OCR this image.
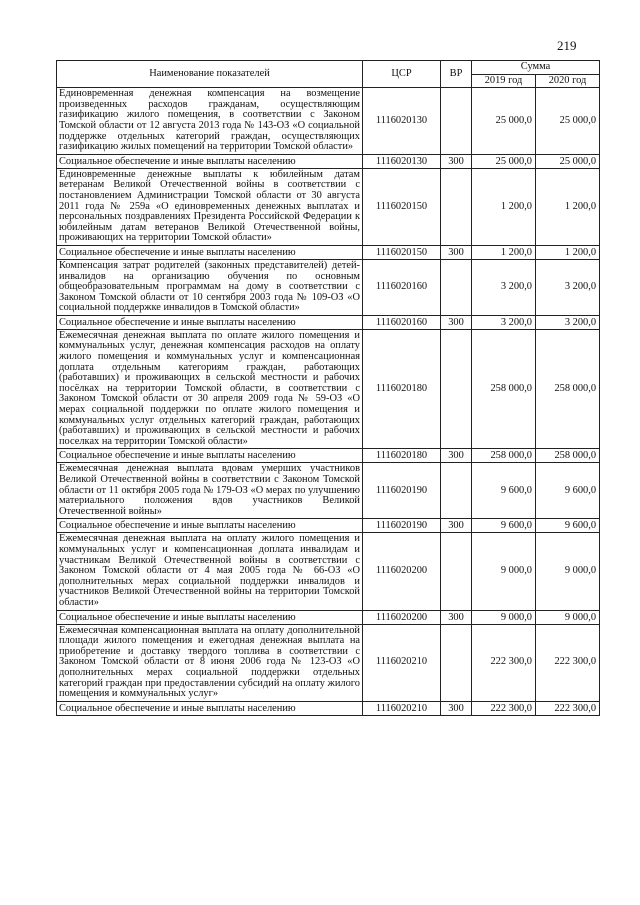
219
Наименование показателей	ЦСР	ВР	Сумма	
			2019 год	2020 год
Единовременная денежная компенсация на возмещение произведенных расходов гражданам, осуществляющим газификацию жилого помещения, в соответствии с Законом Томской области от 12 августа 2013 года № 143-ОЗ «О социальной поддержке отдельных категорий граждан, осуществляющих газификацию жилых помещений на территории Томской области»	1116020130		25 000,0	25 000,0
Социальное обеспечение и иные выплаты населению	1116020130	300	25 000,0	25 000,0
Единовременные денежные выплаты к юбилейным датам ветеранам Великой Отечественной войны в соответствии с постановлением Администрации Томской области от 30 августа 2011 года № 259а «О единовременных денежных выплатах и персональных поздравлениях Президента Российской Федерации к юбилейным датам ветеранов Великой Отечественной войны, проживающих на территории Томской области»	1116020150		1 200,0	1 200,0
Социальное обеспечение и иные выплаты населению	1116020150	300	1 200,0	1 200,0
Компенсация затрат родителей (законных представителей) детей-инвалидов на организацию обучения по основным общеобразовательным программам на дому в соответствии с Законом Томской области от 10 сентября 2003 года № 109-ОЗ «О социальной поддержке инвалидов в Томской области»	1116020160		3 200,0	3 200,0
Социальное обеспечение и иные выплаты населению	1116020160	300	3 200,0	3 200,0
Ежемесячная денежная выплата по оплате жилого помещения и коммунальных услуг, денежная компенсация расходов на оплату жилого помещения и коммунальных услуг и компенсационная доплата отдельным категориям граждан, работающих (работавших) и проживающих в сельской местности и рабочих посёлках на территории Томской области, в соответствии с Законом Томской области от 30 апреля 2009 года № 59-ОЗ «О мерах социальной поддержки по оплате жилого помещения и коммунальных услуг отдельных категорий граждан, работающих (работавших) и проживающих в сельской местности и рабочих поселках на территории Томской области»	1116020180		258 000,0	258 000,0
Социальное обеспечение и иные выплаты населению	1116020180	300	258 000,0	258 000,0
Ежемесячная денежная выплата вдовам умерших участников Великой Отечественной войны в соответствии с Законом Томской области от 11 октября 2005 года № 179-ОЗ «О мерах по улучшению материального положения вдов участников Великой Отечественной войны»	1116020190		9 600,0	9 600,0
Социальное обеспечение и иные выплаты населению	1116020190	300	9 600,0	9 600,0
Ежемесячная денежная выплата на оплату жилого помещения и коммунальных услуг и компенсационная доплата инвалидам и участникам Великой Отечественной войны в соответствии с Законом Томской области от 4 мая 2005 года № 66-ОЗ «О дополнительных мерах социальной поддержки инвалидов и участников Великой Отечественной войны на территории Томской области»	1116020200		9 000,0	9 000,0
Социальное обеспечение и иные выплаты населению	1116020200	300	9 000,0	9 000,0
Ежемесячная компенсационная выплата на оплату дополнительной площади жилого помещения и ежегодная денежная выплата на приобретение и доставку твердого топлива в соответствии с Законом Томской области от 8 июня 2006 года № 123-ОЗ «О дополнительных мерах социальной поддержки отдельных категорий граждан при предоставлении субсидий на оплату жилого помещения и коммунальных услуг»	1116020210		222 300,0	222 300,0
Социальное обеспечение и иные выплаты населению	1116020210	300	222 300,0	222 300,0
